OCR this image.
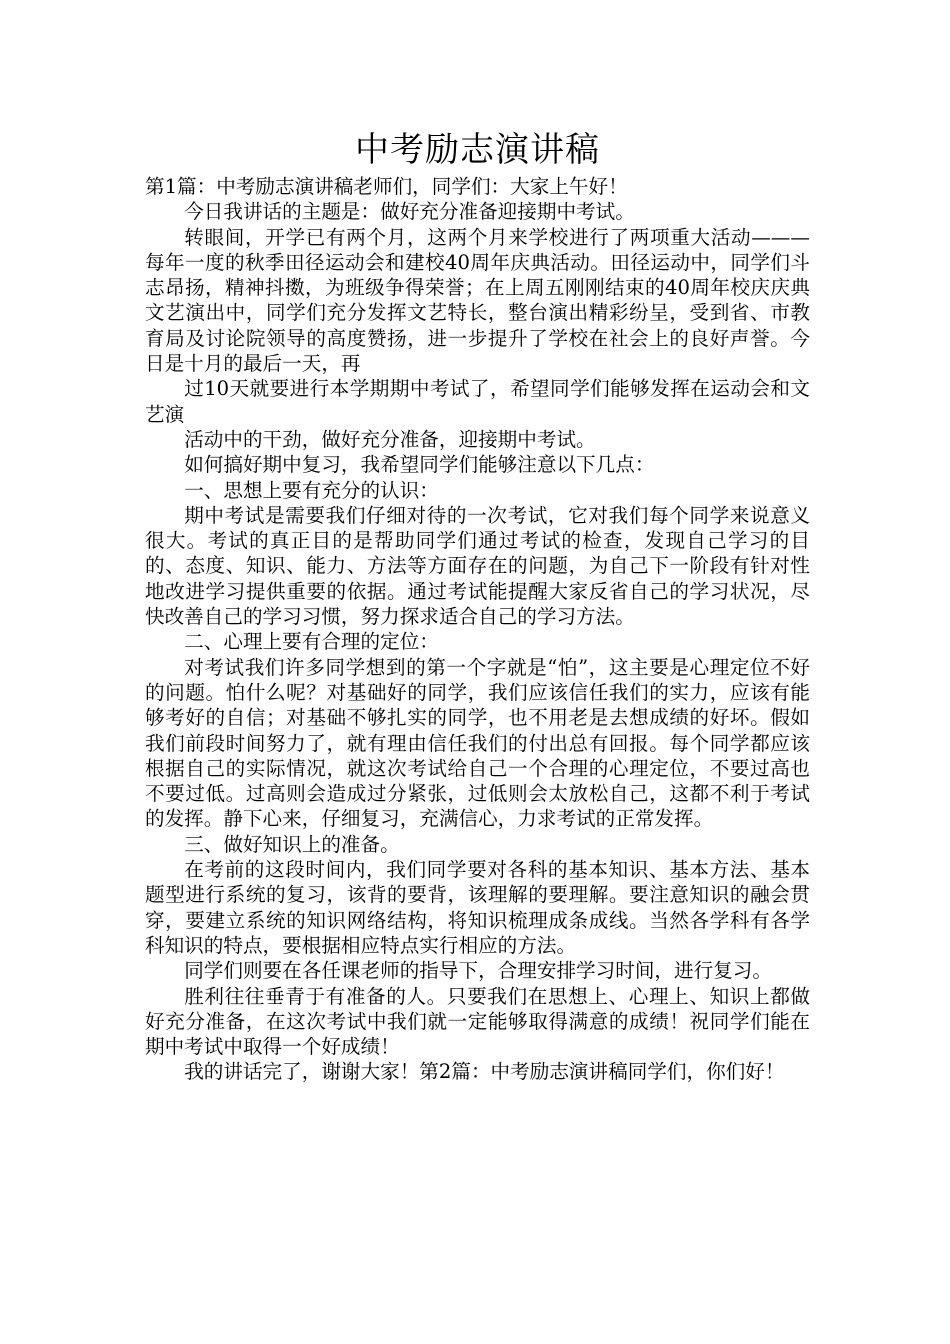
中考励志演讲稿

第1篇：中考励志演讲稿老师们，同学们：大家上午好！

今日我讲话的主题是：做好充分准备迎接期中考试。

转眼间，开学已有两个月，这两个月来学校进行了两项重大活动———每年一度的秋季田径运动会和建校40周年庆典活动。田径运动中，同学们斗志昂扬，精神抖擞，为班级争得荣誉；在上周五刚刚结束的40周年校庆庆典文艺演出中，同学们充分发挥文艺特长，整台演出精彩纷呈，受到省、市教育局及讨论院领导的高度赞扬，进一步提升了学校在社会上的良好声誉。今日是十月的最后一天，再

过10天就要进行本学期期中考试了，希望同学们能够发挥在运动会和文艺演

活动中的干劲，做好充分准备，迎接期中考试。

如何搞好期中复习，我希望同学们能够注意以下几点：

一、思想上要有充分的认识：

期中考试是需要我们仔细对待的一次考试，它对我们每个同学来说意义很大。考试的真正目的是帮助同学们通过考试的检查，发现自己学习的目的、态度、知识、能力、方法等方面存在的问题，为自己下一阶段有针对性地改进学习提供重要的依据。通过考试能提醒大家反省自己的学习状况，尽快改善自己的学习习惯，努力探求适合自己的学习方法。

二、心理上要有合理的定位：

对考试我们许多同学想到的第一个字就是“怕”，这主要是心理定位不好的问题。怕什么呢？对基础好的同学，我们应该信任我们的实力，应该有能够考好的自信；对基础不够扎实的同学，也不用老是去想成绩的好坏。假如我们前段时间努力了，就有理由信任我们的付出总有回报。每个同学都应该根据自己的实际情况，就这次考试给自己一个合理的心理定位，不要过高也不要过低。过高则会造成过分紧张，过低则会太放松自己，这都不利于考试的发挥。静下心来，仔细复习，充满信心，力求考试的正常发挥。

三、做好知识上的准备。

在考前的这段时间内，我们同学要对各科的基本知识、基本方法、基本题型进行系统的复习，该背的要背，该理解的要理解。要注意知识的融会贯穿，要建立系统的知识网络结构，将知识梳理成条成线。当然各学科有各学科知识的特点，要根据相应特点实行相应的方法。

同学们则要在各任课老师的指导下，合理安排学习时间，进行复习。

胜利往往垂青于有准备的人。只要我们在思想上、心理上、知识上都做好充分准备，在这次考试中我们就一定能够取得满意的成绩！祝同学们能在期中考试中取得一个好成绩！

我的讲话完了，谢谢大家！第2篇：中考励志演讲稿同学们，你们好！
